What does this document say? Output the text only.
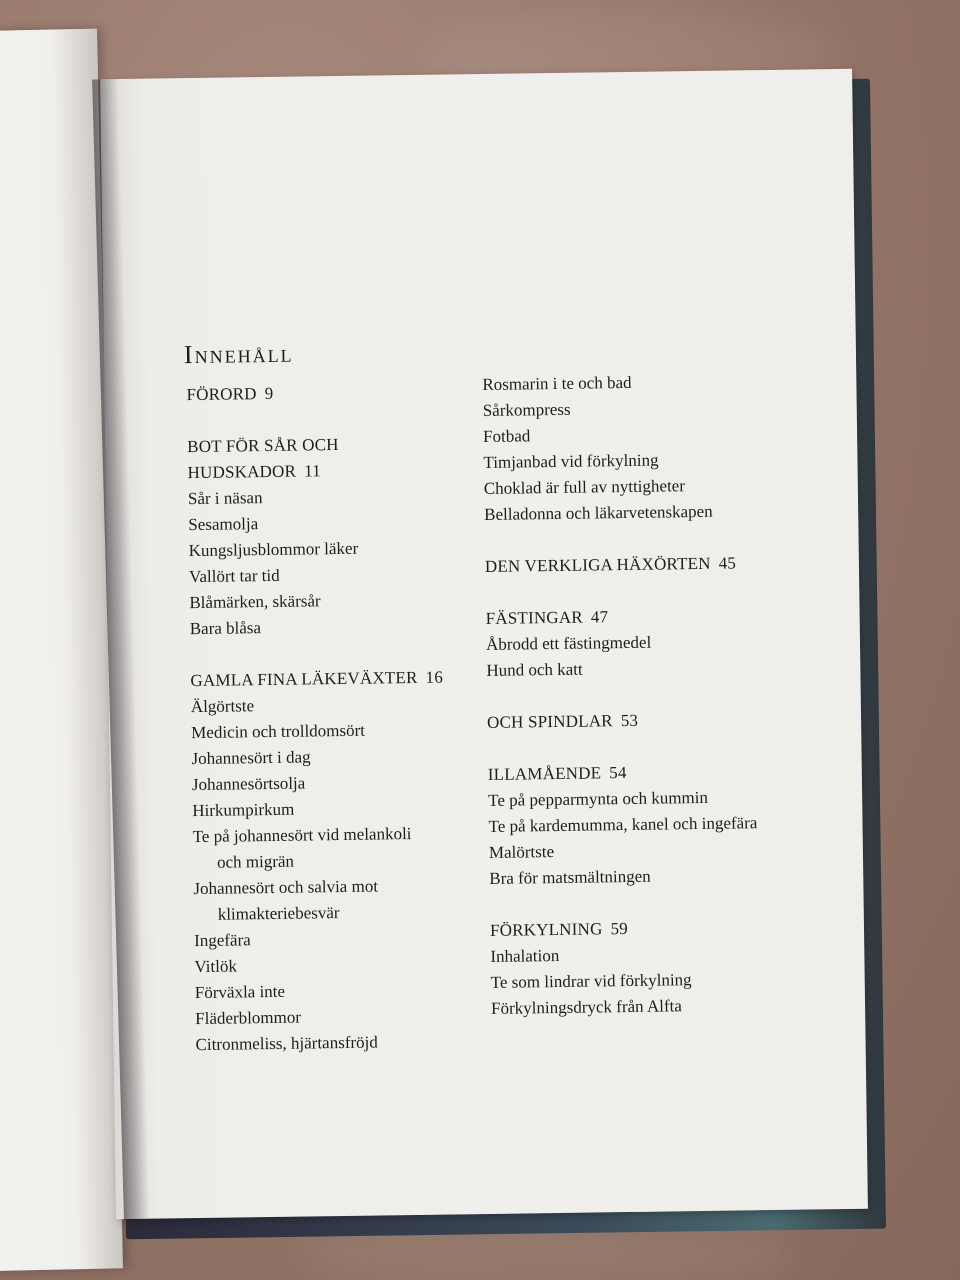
Innehåll
FÖRORD 9
BOT FÖR SÅR OCH
HUDSKADOR 11
Sår i näsan
Sesamolja
Kungsljusblommor läker
Vallört tar tid
Blåmärken, skärsår
Bara blåsa
GAMLA FINA LÄKEVÄXTER 16
Älgörtste
Medicin och trolldomsört
Johannesört i dag
Johannesörtsolja
Hirkumpirkum
Te på johannesört vid melankoli
och migrän
Johannesört och salvia mot
klimakteriebesvär
Ingefära
Vitlök
Förväxla inte
Fläderblommor
Citronmeliss, hjärtansfröjd
Rosmarin i te och bad
Sårkompress
Fotbad
Timjanbad vid förkylning
Choklad är full av nyttigheter
Belladonna och läkarvetenskapen
DEN VERKLIGA HÄXÖRTEN 45
FÄSTINGAR 47
Åbrodd ett fästingmedel
Hund och katt
OCH SPINDLAR 53
ILLAMÅENDE 54
Te på pepparmynta och kummin
Te på kardemumma, kanel och ingefära
Malörtste
Bra för matsmältningen
FÖRKYLNING 59
Inhalation
Te som lindrar vid förkylning
Förkylningsdryck från Alfta
